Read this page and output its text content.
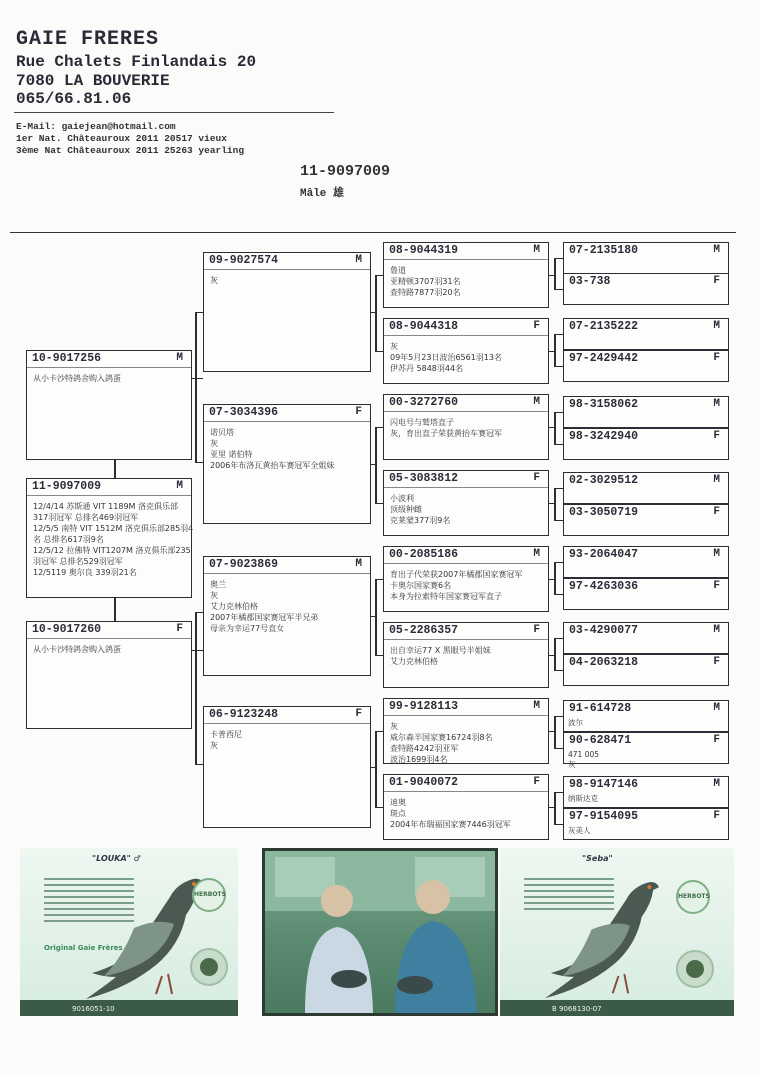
GAIE FRERES
Rue Chalets Finlandais 20
7080 LA BOUVERIE
065/66.81.06
E-Mail: gaiejean@hotmail.com
1er Nat. Châteauroux 2011 20517 vieux
3ème Nat Châteauroux 2011 25263 yearling
11-9097009
Mâle 雄
10-9017256	M
从小卡沙特鸽舍购入鸽蛋
11-9097009	M
12/4/14 苏斯通 VIT 1189M 洛克俱乐部
317羽冠军 总排名469羽冠军
12/5/5 南特 VIT 1512M 洛克俱乐部285羽4
名 总排名617羽9名
12/5/12 拉佛特 VIT1207M 洛克俱乐部235
羽冠军 总排名529羽冠军
12/5119 奥尔良 339羽21名
10-9017260	F
从小卡沙特鸽舍购入鸽蛋
09-9027574	M
灰
07-3034396	F
诺贝塔
灰
亚里 诺伯特
2006年布洛瓦黄抬车赛冠军全姐妹
07-9023869	M
奥兰
灰
艾力克林伯格
2007年橘郡国家赛冠军半兄弟
母亲为幸运77号直女
06-9123248	F
卡普西尼
灰
08-9044319	M
鲁道
亚精顿3707羽31名
查特路7877羽20名
08-9044318	F
灰
09年5月23日波治6561羽13名
伊苏丹 5848羽44名
00-3272760	M
闪电号与鹫塔直子
灰，育出直子荣获黄抬车赛冠军
05-3083812	F
小波利
顶级种雌
克莱蒙377羽9名
00-2085186	M
育出子代荣获2007年橘郡国家赛冠军
卡奥尔国家赛6名
本身为拉索特年国家赛冠军直子
05-2286357	F
出自幸运77 X 黑眼号半姐妹
艾力克林伯格
99-9128113	M
灰
威尔森半国家赛16724羽8名
查特路4242羽亚军
波治1699羽4名
01-9040072	F
迪奥
斑点
2004年布瑞福国家赛7446羽冠军
07-2135180	M
03-738	F
07-2135222	M
97-2429442	F
98-3158062	M
98-3242940	F
02-3029512	M
03-3050719	F
93-2064047	M
97-4263036	F
03-4290077	M
04-2063218	F
91-614728	M
波尔
90-628471	F
471 005
灰
98-9147146	M
纳斯达克
97-9154095	F
灰美人
"LOUKA" ♂
Original Gaie Frères
HERBOTS
9016051-10
"Seba"
HERBOTS
B 9068130-07
